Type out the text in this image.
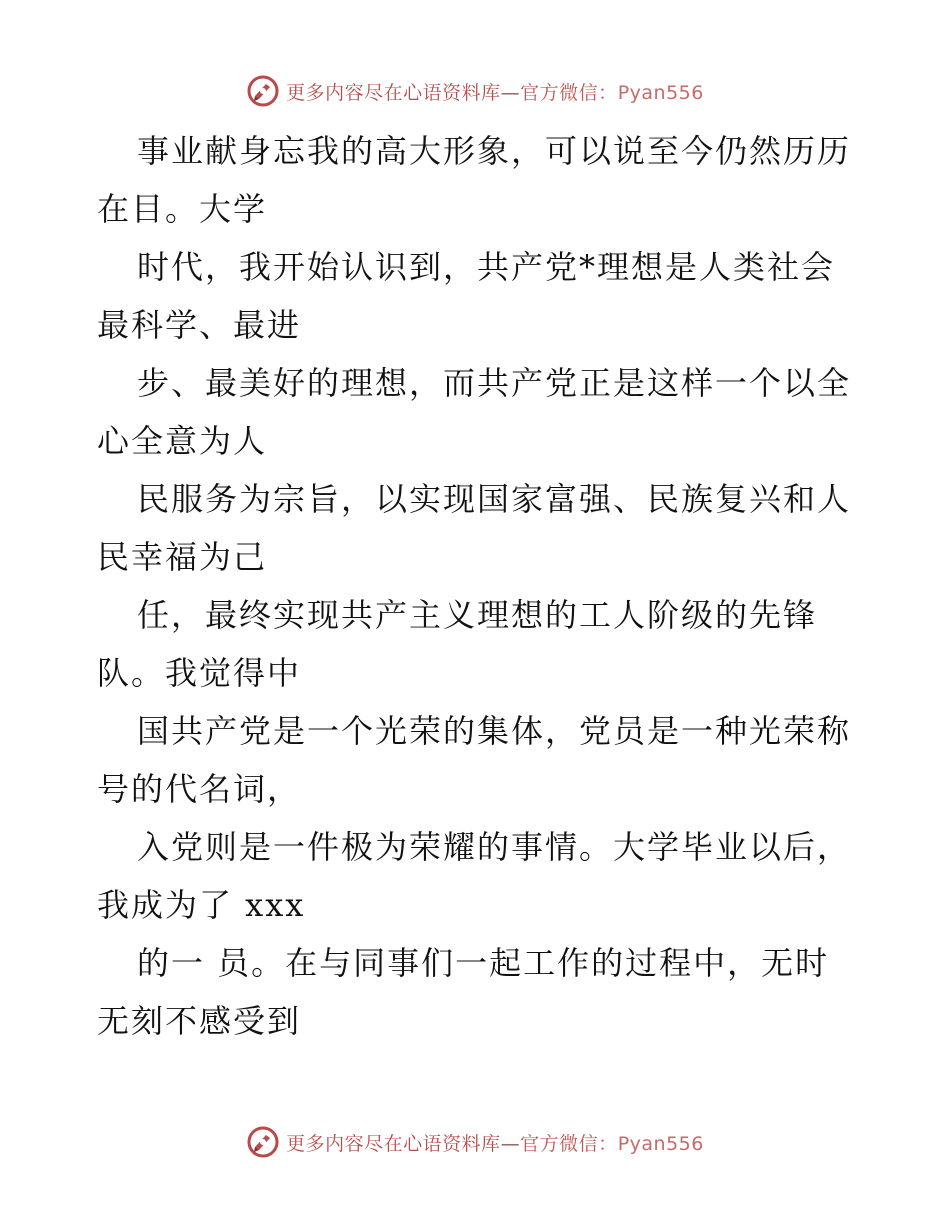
更多内容尽在心语资料库—官方微信：Pyan556
事业献身忘我的高大形象，可以说至今仍然历历
在目。大学
时代，我开始认识到，共产党*理想是人类社会
最科学、最进
步、最美好的理想，而共产党正是这样一个以全
心全意为人
民服务为宗旨，以实现国家富强、民族复兴和人
民幸福为己
任，最终实现共产主义理想的工人阶级的先锋
队。我觉得中
国共产党是一个光荣的集体，党员是一种光荣称
号的代名词，
入党则是一件极为荣耀的事情。大学毕业以后，
我成为了 xxx
的一 员。在与同事们一起工作的过程中，无时
无刻不感受到
更多内容尽在心语资料库—官方微信：Pyan556
